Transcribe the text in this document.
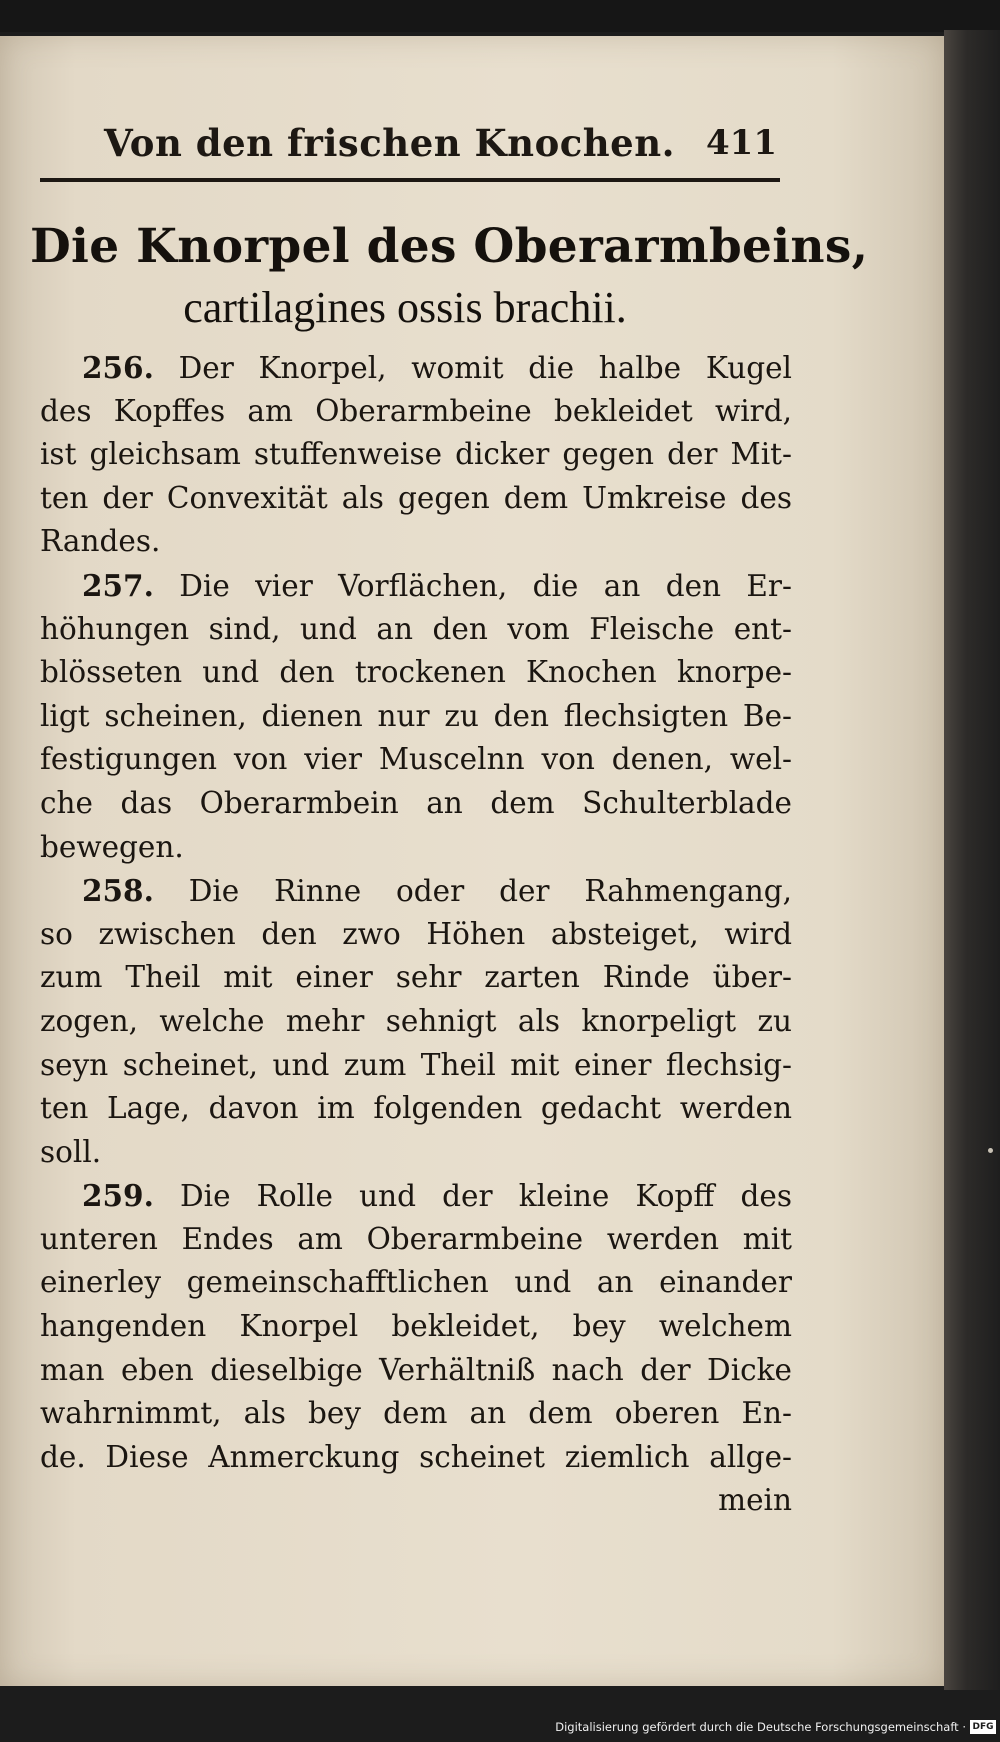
Von den frischen Knochen. 411
Die Knorpel des Oberarmbeins,
cartilagines ossis brachii.
256. Der Knorpel, womit die halbe Kugel
des Kopffes am Oberarmbeine bekleidet wird,
ist gleichsam stuffenweise dicker gegen der Mit-
ten der Convexität als gegen dem Umkreise des
Randes.
257. Die vier Vorflächen, die an den Er-
höhungen sind, und an den vom Fleische ent-
blösseten und den trockenen Knochen knorpe-
ligt scheinen, dienen nur zu den flechsigten Be-
festigungen von vier Muscelnn von denen, wel-
che das Oberarmbein an dem Schulterblade
bewegen.
258. Die Rinne oder der Rahmengang,
so zwischen den zwo Höhen absteiget, wird
zum Theil mit einer sehr zarten Rinde über-
zogen, welche mehr sehnigt als knorpeligt zu
seyn scheinet, und zum Theil mit einer flechsig-
ten Lage, davon im folgenden gedacht werden
soll.
259. Die Rolle und der kleine Kopff des
unteren Endes am Oberarmbeine werden mit
einerley gemeinschafftlichen und an einander
hangenden Knorpel bekleidet, bey welchem
man eben dieselbige Verhältniß nach der Dicke
wahrnimmt, als bey dem an dem oberen En-
de. Diese Anmerckung scheinet ziemlich allge-
mein
Digitalisierung gefördert durch die Deutsche Forschungsgemeinschaft · DFG
